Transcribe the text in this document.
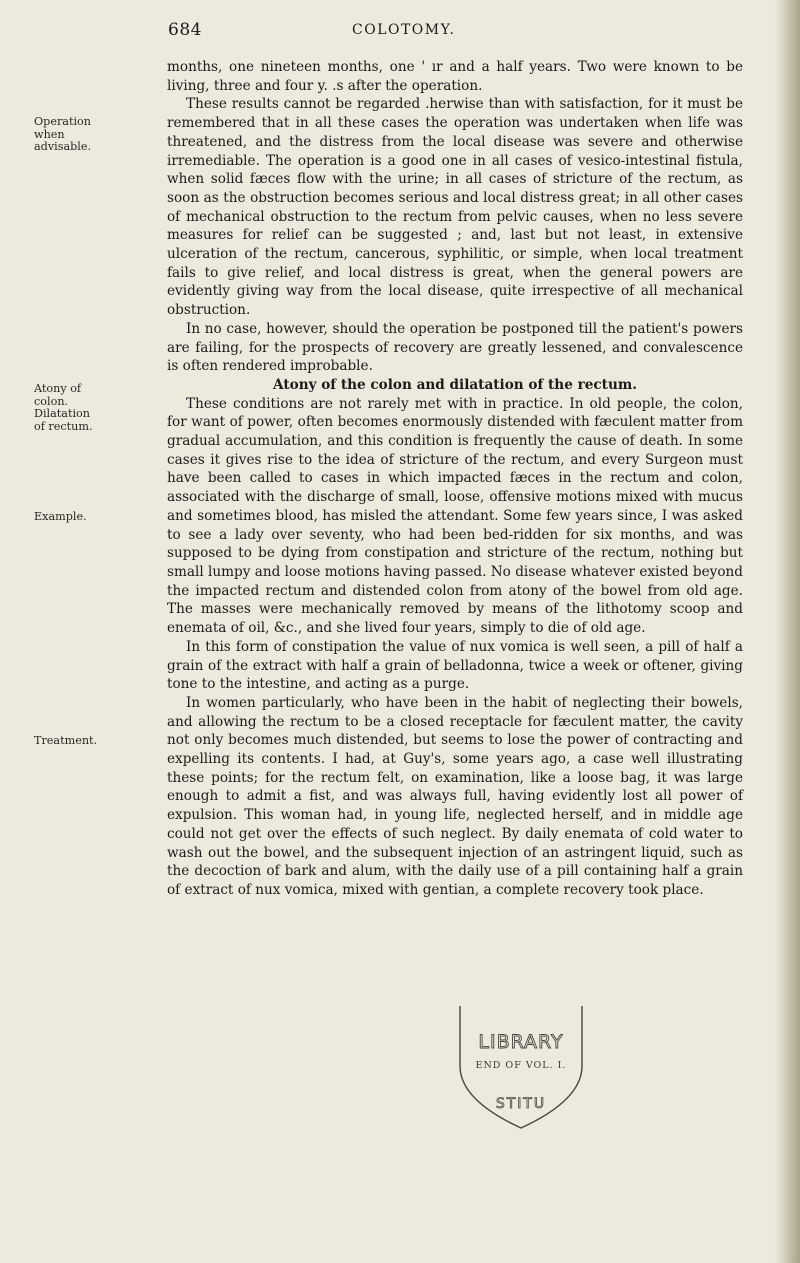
684	COLOTOMY.
Operation when advisable.
Atony of colon. Dilatation of rectum.
Example.
Treatment.

months, one nineteen months, one ' ır and a half years. Two were known to be living, three and four y. .s after the operation.

These results cannot be regarded .herwise than with satisfaction, for it must be remembered that in all these cases the operation was undertaken when life was threatened, and the distress from the local disease was severe and otherwise irremediable. The operation is a good one in all cases of vesico-intestinal fistula, when solid fæces flow with the urine; in all cases of stricture of the rectum, as soon as the obstruction becomes serious and local distress great; in all other cases of mechanical obstruction to the rectum from pelvic causes, when no less severe measures for relief can be suggested ; and, last but not least, in extensive ulceration of the rectum, cancerous, syphilitic, or simple, when local treatment fails to give relief, and local distress is great, when the general powers are evidently giving way from the local disease, quite irrespective of all mechanical obstruction.

In no case, however, should the operation be postponed till the patient's powers are failing, for the prospects of recovery are greatly lessened, and convalescence is often rendered improbable.

Atony of the colon and dilatation of the rectum.

These conditions are not rarely met with in practice. In old people, the colon, for want of power, often becomes enormously distended with fæculent matter from gradual accumulation, and this condition is frequently the cause of death. In some cases it gives rise to the idea of stricture of the rectum, and every Surgeon must have been called to cases in which impacted fæces in the rectum and colon, associated with the discharge of small, loose, offensive motions mixed with mucus and sometimes blood, has misled the attendant. Some few years since, I was asked to see a lady over seventy, who had been bed-ridden for six months, and was supposed to be dying from constipation and stricture of the rectum, nothing but small lumpy and loose motions having passed. No disease whatever existed beyond the impacted rectum and distended colon from atony of the bowel from old age. The masses were mechanically removed by means of the lithotomy scoop and enemata of oil, &c., and she lived four years, simply to die of old age.

In this form of constipation the value of nux vomica is well seen, a pill of half a grain of the extract with half a grain of belladonna, twice a week or oftener, giving tone to the intestine, and acting as a purge.

In women particularly, who have been in the habit of neglecting their bowels, and allowing the rectum to be a closed receptacle for fæculent matter, the cavity not only becomes much distended, but seems to lose the power of contracting and expelling its contents. I had, at Guy's, some years ago, a case well illustrating these points; for the rectum felt, on examination, like a loose bag, it was large enough to admit a fist, and was always full, having evidently lost all power of expulsion. This woman had, in young life, neglected herself, and in middle age could not get over the effects of such neglect. By daily enemata of cold water to wash out the bowel, and the subsequent injection of an astringent liquid, such as the decoction of bark and alum, with the daily use of a pill containing half a grain of extract of nux vomica, mixed with gentian, a complete recovery took place.

LIBRARY
END OF VOL. I.
STITU
